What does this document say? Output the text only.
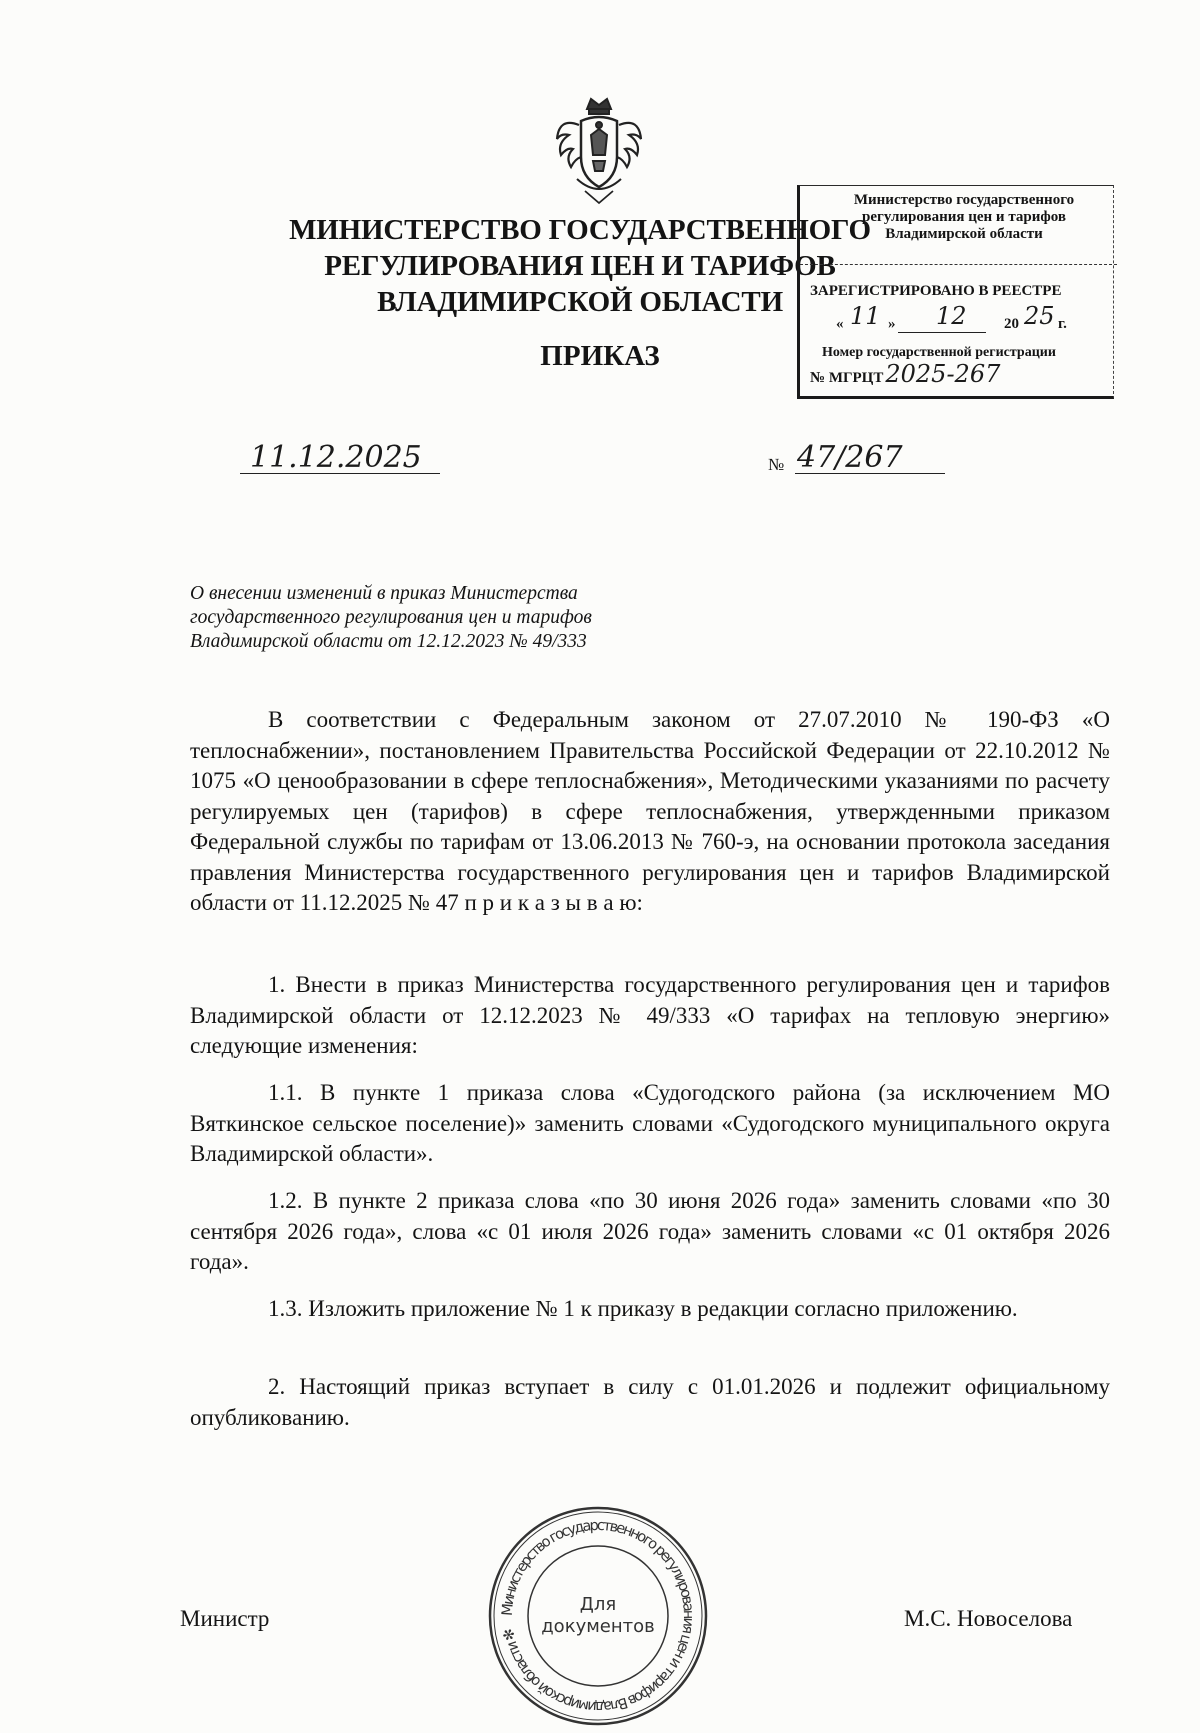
МИНИСТЕРСТВО ГОСУДАРСТВЕННОГО
РЕГУЛИРОВАНИЯ ЦЕН И ТАРИФОВ
ВЛАДИМИРСКОЙ ОБЛАСТИ
ПРИКАЗ
Министерство государственного
регулирования цен и тарифов
Владимирской области
ЗАРЕГИСТРИРОВАНО В РЕЕСТРЕ
« 11 » 12 20 25 г.
Номер государственной регистрации
№ МГРЦТ2025-267
11.12.2025	№ 47/267
О внесении изменений в приказ Министерства
государственного регулирования цен и тарифов
Владимирской области от 12.12.2023 № 49/333

В соответствии с Федеральным законом от 27.07.2010 № 190-ФЗ «О теплоснабжении», постановлением Правительства Российской Федерации от 22.10.2012 № 1075 «О ценообразовании в сфере теплоснабжения», Методическими указаниями по расчету регулируемых цен (тарифов) в сфере теплоснабжения, утвержденными приказом Федеральной службы по тарифам от 13.06.2013 № 760-э, на основании протокола заседания правления Министерства государственного регулирования цен и тарифов Владимирской области от 11.12.2025 № 47 п р и к а з ы в а ю:

1. Внести в приказ Министерства государственного регулирования цен и тарифов Владимирской области от 12.12.2023 № 49/333 «О тарифах на тепловую энергию» следующие изменения:

1.1. В пункте 1 приказа слова «Судогодского района (за исключением МО Вяткинское сельское поселение)» заменить словами «Судогодского муниципального округа Владимирской области».

1.2. В пункте 2 приказа слова «по 30 июня 2026 года» заменить словами «по 30 сентября 2026 года», слова «с 01 июля 2026 года» заменить словами «с 01 октября 2026 года».

1.3. Изложить приложение № 1 к приказу в редакции согласно приложению.

2. Настоящий приказ вступает в силу с 01.01.2026 и подлежит официальному опубликованию.

Министр	М.С. Новоселова
Министерство государственного регулирования цен и тарифов Владимирской области ✻
Для
документов
